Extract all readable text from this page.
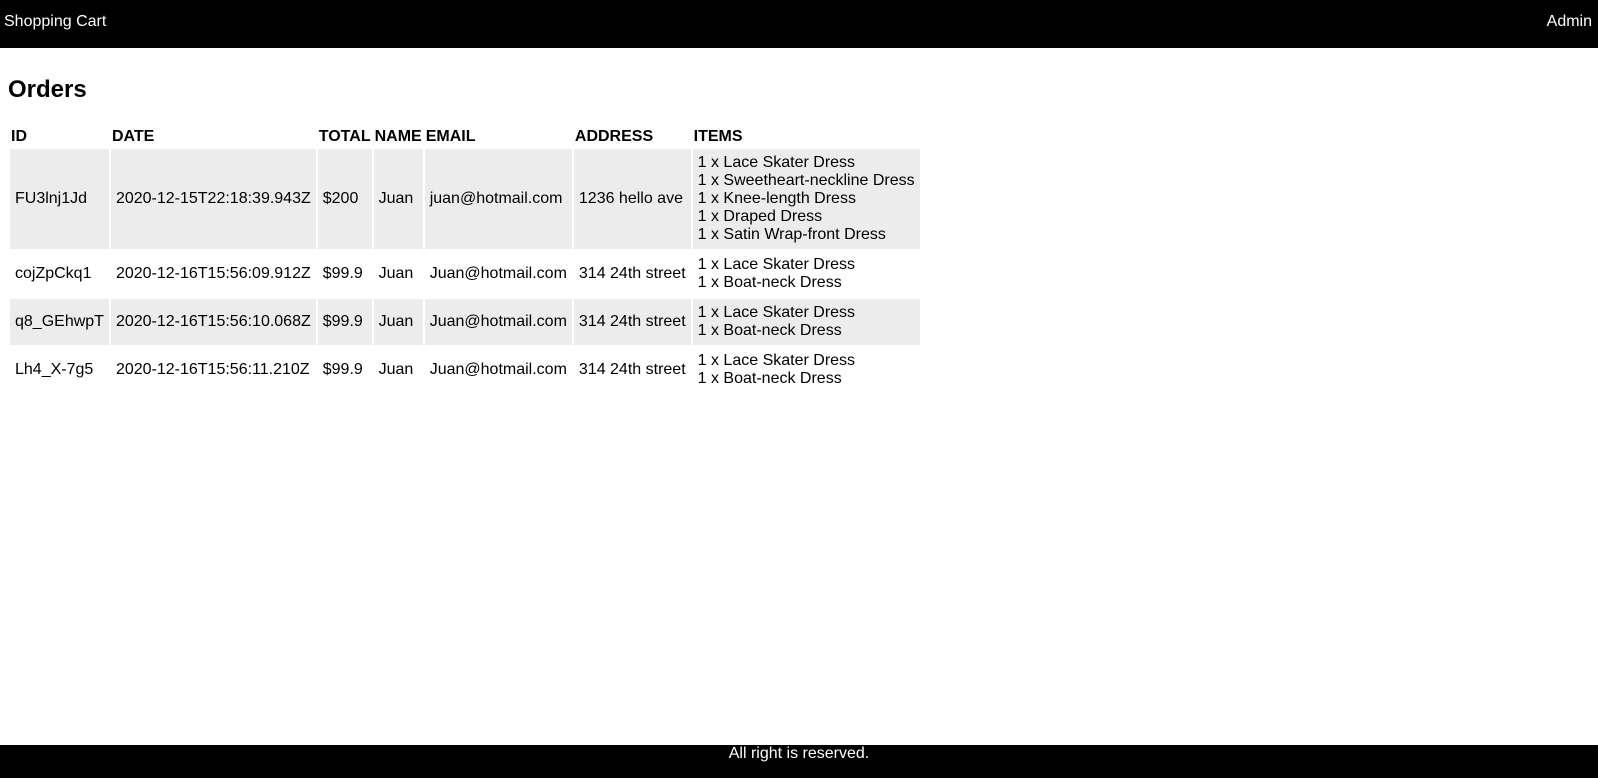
Shopping Cart	Admin
Orders
ID	DATE	TOTAL	NAME	EMAIL	ADDRESS	ITEMS
FU3lnj1Jd	2020-12-15T22:18:39.943Z	$200	Juan	juan@hotmail.com	1236 hello ave	1 x Lace Skater Dress
1 x Sweetheart-neckline Dress
1 x Knee-length Dress
1 x Draped Dress
1 x Satin Wrap-front Dress

cojZpCkq1	2020-12-16T15:56:09.912Z	$99.9	Juan	Juan@hotmail.com	314 24th street	1 x Lace Skater Dress
1 x Boat-neck Dress

q8_GEhwpT	2020-12-16T15:56:10.068Z	$99.9	Juan	Juan@hotmail.com	314 24th street	1 x Lace Skater Dress
1 x Boat-neck Dress

Lh4_X-7g5	2020-12-16T15:56:11.210Z	$99.9	Juan	Juan@hotmail.com	314 24th street	1 x Lace Skater Dress
1 x Boat-neck Dress
All right is reserved.
